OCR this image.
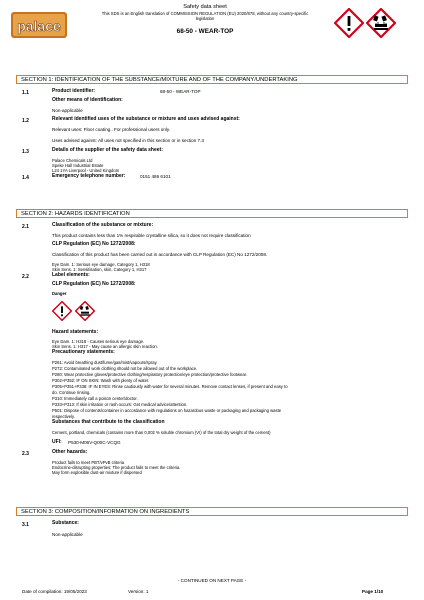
palace
Safety data sheet
This SDS is an English translation of COMMISSION REGULATION (EU) 2020/878, without any country-specific
legislation
68-50 - WEAR-TOP
SECTION 1: IDENTIFICATION OF THE SUBSTANCE/MIXTURE AND OF THE COMPANY/UNDERTAKING
1.1	Product identifier:	68-50 - WEAR-TOP
Other means of identification:
Non-applicable
1.2	Relevant identified uses of the substance or mixture and uses advised against:
Relevant uses: Floor coating.. For professional users only.
Uses advised against: All uses not specified in this section or in section 7.3
1.3	Details of the supplier of the safety data sheet:
Palace Chemicals Ltd
Speke Hall Industrial Estate
L24 1YA Liverpool - United Kingdom
1.4	Emergency telephone number:	0151 486 6101
SECTION 2: HAZARDS IDENTIFICATION
2.1	Classification of the substance or mixture:
This product contains less than 1% respirable crystalline silica, so it does not require classification
CLP Regulation (EC) No 1272/2008:
Classification of this product has been carried out in accordance with CLP Regulation (EC) No 1272/2008.
Eye Dam. 1: Serious eye damage, Category 1, H318
Skin Sens. 1: Sensitisation, skin, Category 1, H317
2.2	Label elements:
CLP Regulation (EC) No 1272/2008:
Danger
Hazard statements:
Eye Dam. 1: H318 - Causes serious eye damage.
Skin Sens. 1: H317 - May cause an allergic skin reaction.
Precautionary statements:
P261: Avoid breathing dust/fume/gas/mist/vapours/spray.
P272: Contaminated work clothing should not be allowed out of the workplace.
P280: Wear protective gloves/protective clothing/respiratory protection/eye protection/protective footwear.
P302+P352: IF ON SKIN: Wash with plenty of water.
P305+P351+P338: IF IN EYES: Rinse cautiously with water for several minutes. Remove contact lenses, if present and easy to
do. Continue rinsing.
P310: Immediately call a poison center/doctor.
P333+P313: If skin irritation or rash occurs: Get medical advice/attention.
P501: Dispose of contents/container in accordance with regulations on hazardous waste or packaging and packaging waste
respectively.
Substances that contribute to the classification
Cement, portland, chemicals (contains more than 0,002 % soluble chromium (VI) of the total dry weight of the cement)
UFI: P530-M06V-Q00C-VCQG
2.3	Other hazards:
Product fails to meet PBT/vPvB criteria
Endocrine-disrupting properties: The product fails to meet the criteria.
May form explosible dust-air mixture if dispersed
SECTION 3: COMPOSITION/INFORMATION ON INGREDIENTS
3.1	Substance:
Non-applicable
- CONTINUED ON NEXT PAGE -
Date of compilation: 19/05/2023	Version: 1	Page 1/10
